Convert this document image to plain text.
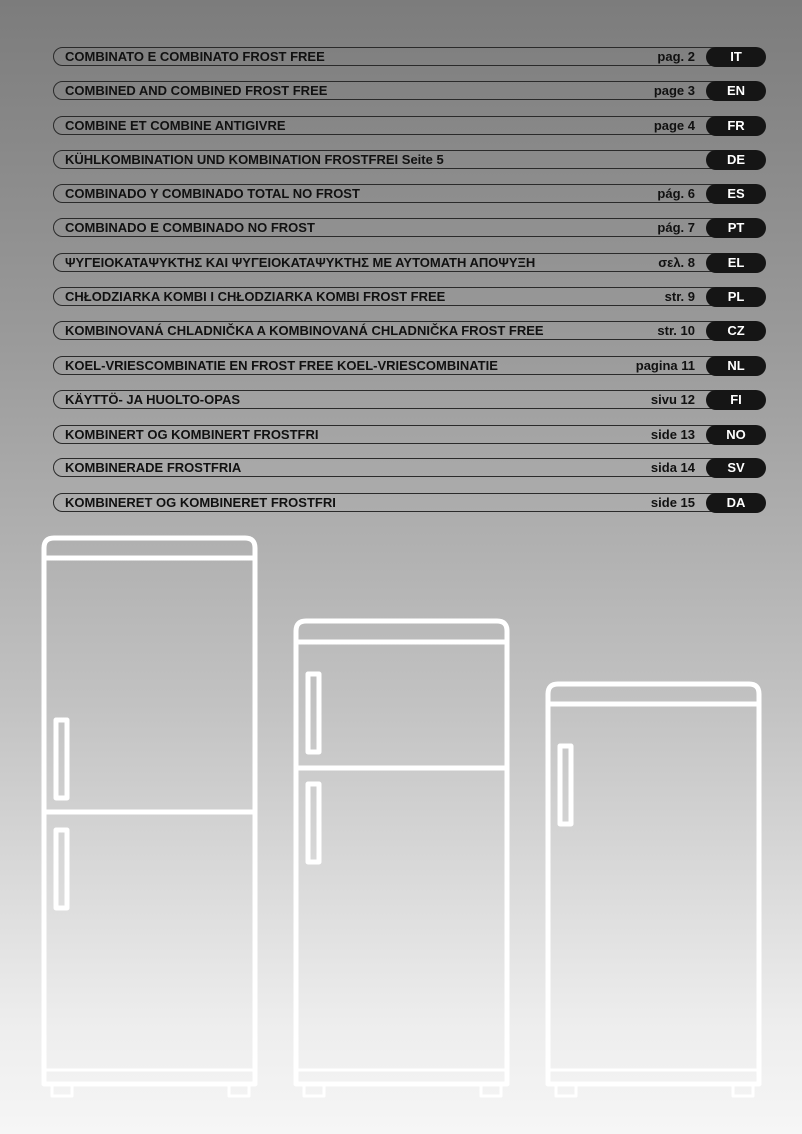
COMBINATO E COMBINATO FROST FREE	pag. 2	IT
COMBINED AND COMBINED FROST FREE	page 3	EN
COMBINE ET COMBINE ANTIGIVRE	page 4	FR
KÜHLKOMBINATION UND KOMBINATION FROSTFREI Seite 5	DE
COMBINADO Y COMBINADO TOTAL NO FROST	pág. 6	ES
COMBINADO E COMBINADO NO FROST	pág. 7	PT
ΨΥΓΕΙΟΚΑΤΑΨΥΚΤΗΣ ΚΑΙ ΨΥΓΕΙΟΚΑΤΑΨΥΚΤΗΣ ΜΕ ΑΥΤΟΜΑΤΗ ΑΠΟΨΥΞΗ	σελ. 8	EL
CHŁODZIARKA KOMBI I CHŁODZIARKA KOMBI FROST FREE	str. 9	PL
KOMBINOVANÁ CHLADNIČKA A KOMBINOVANÁ CHLADNIČKA FROST FREE	str. 10	CZ
KOEL-VRIESCOMBINATIE EN FROST FREE KOEL-VRIESCOMBINATIE	pagina 11	NL
KÄYTTÖ- JA HUOLTO-OPAS	sivu 12	FI
KOMBINERT OG KOMBINERT FROSTFRI	side 13	NO
KOMBINERADE FROSTFRIA	sida 14	SV
KOMBINERET OG KOMBINERET FROSTFRI	side 15	DA
